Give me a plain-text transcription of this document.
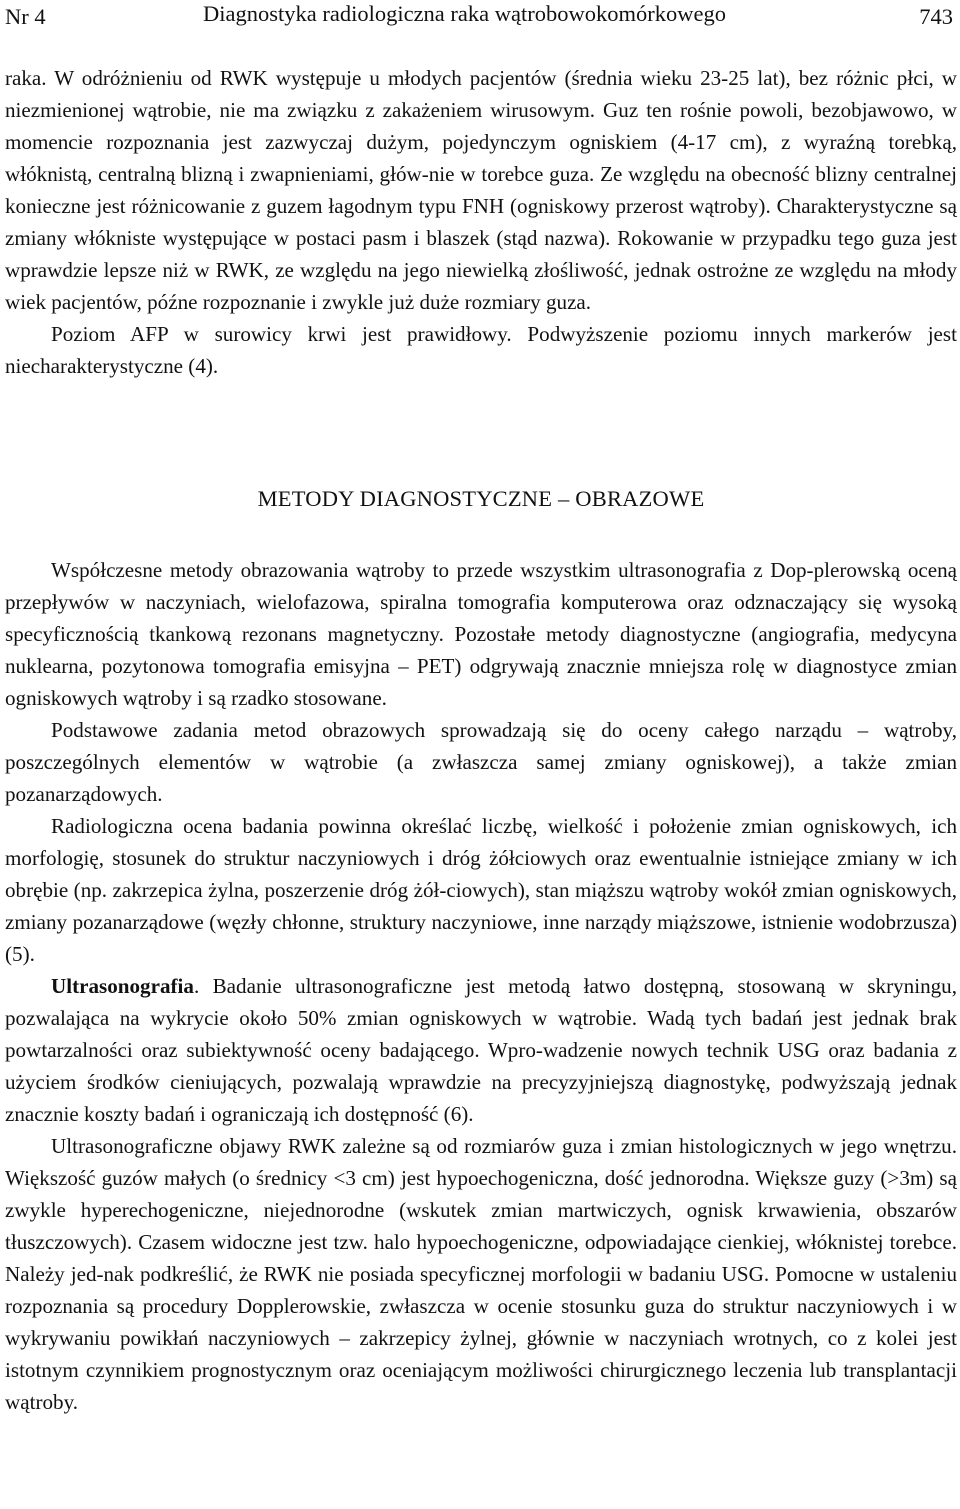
Nr 4	Diagnostyka radiologiczna raka wątrobowokomórkowego	743

raka. W odróżnieniu od RWK występuje u młodych pacjentów (średnia wieku 23-25 lat), bez różnic płci, w niezmienionej wątrobie, nie ma związku z zakażeniem wirusowym. Guz ten rośnie powoli, bezobjawowo, w momencie rozpoznania jest zazwyczaj dużym, pojedynczym ogniskiem (4-17 cm), z wyraźną torebką, włóknistą, centralną blizną i zwapnieniami, głów-nie w torebce guza. Ze względu na obecność blizny centralnej konieczne jest różnicowanie z guzem łagodnym typu FNH (ogniskowy przerost wątroby). Charakterystyczne są zmiany włókniste występujące w postaci pasm i blaszek (stąd nazwa). Rokowanie w przypadku tego guza jest wprawdzie lepsze niż w RWK, ze względu na jego niewielką złośliwość, jednak ostrożne ze względu na młody wiek pacjentów, późne rozpoznanie i zwykle już duże rozmiary guza.

Poziom AFP w surowicy krwi jest prawidłowy. Podwyższenie poziomu innych markerów jest niecharakterystyczne (4).

METODY DIAGNOSTYCZNE – OBRAZOWE

Współczesne metody obrazowania wątroby to przede wszystkim ultrasonografia z Dop-plerowską oceną przepływów w naczyniach, wielofazowa, spiralna tomografia komputerowa oraz odznaczający się wysoką specyficznością tkankową rezonans magnetyczny. Pozostałe metody diagnostyczne (angiografia, medycyna nuklearna, pozytonowa tomografia emisyjna – PET) odgrywają znacznie mniejsza rolę w diagnostyce zmian ogniskowych wątroby i są rzadko stosowane.

Podstawowe zadania metod obrazowych sprowadzają się do oceny całego narządu – wątroby, poszczególnych elementów w wątrobie (a zwłaszcza samej zmiany ogniskowej), a także zmian pozanarządowych.

Radiologiczna ocena badania powinna określać liczbę, wielkość i położenie zmian ogniskowych, ich morfologię, stosunek do struktur naczyniowych i dróg żółciowych oraz ewentualnie istniejące zmiany w ich obrębie (np. zakrzepica żylna, poszerzenie dróg żół-ciowych), stan miąższu wątroby wokół zmian ogniskowych, zmiany pozanarządowe (węzły chłonne, struktury naczyniowe, inne narządy miąższowe, istnienie wodobrzusza) (5).

Ultrasonografia. Badanie ultrasonograficzne jest metodą łatwo dostępną, stosowaną w skryningu, pozwalająca na wykrycie około 50% zmian ogniskowych w wątrobie. Wadą tych badań jest jednak brak powtarzalności oraz subiektywność oceny badającego. Wpro-wadzenie nowych technik USG oraz badania z użyciem środków cieniujących, pozwalają wprawdzie na precyzyjniejszą diagnostykę, podwyższają jednak znacznie koszty badań i ograniczają ich dostępność (6).

Ultrasonograficzne objawy RWK zależne są od rozmiarów guza i zmian histologicznych w jego wnętrzu. Większość guzów małych (o średnicy <3 cm) jest hypoechogeniczna, dość jednorodna. Większe guzy (>3m) są zwykle hyperechogeniczne, niejednorodne (wskutek zmian martwiczych, ognisk krwawienia, obszarów tłuszczowych). Czasem widoczne jest tzw. halo hypoechogeniczne, odpowiadające cienkiej, włóknistej torebce. Należy jed-nak podkreślić, że RWK nie posiada specyficznej morfologii w badaniu USG. Pomocne w ustaleniu rozpoznania są procedury Dopplerowskie, zwłaszcza w ocenie stosunku guza do struktur naczyniowych i w wykrywaniu powikłań naczyniowych – zakrzepicy żylnej, głównie w naczyniach wrotnych, co z kolei jest istotnym czynnikiem prognostycznym oraz oceniającym możliwości chirurgicznego leczenia lub transplantacji wątroby.
